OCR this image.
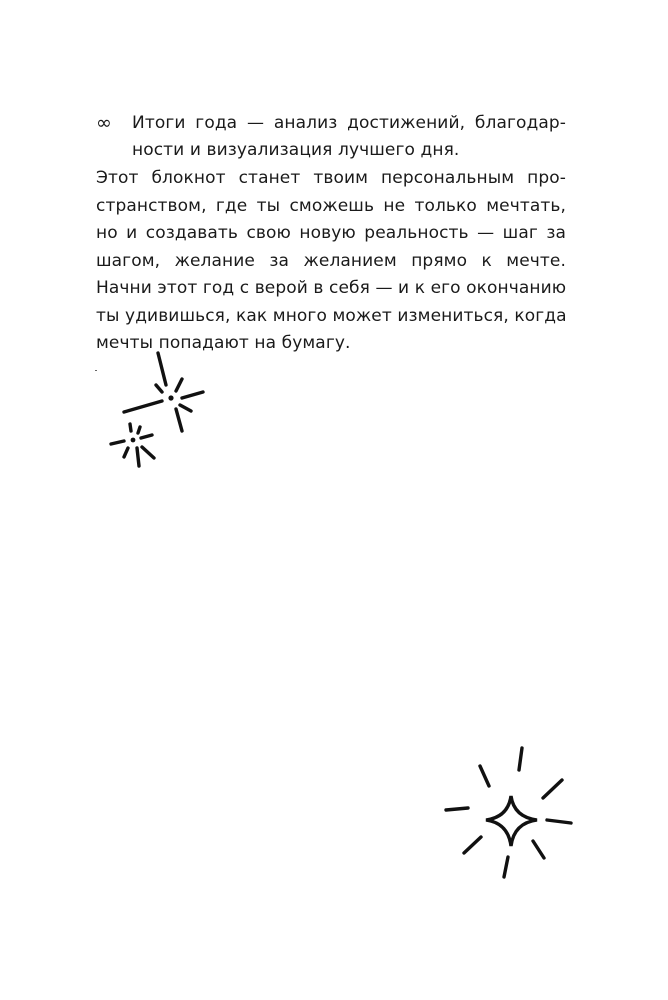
∞	Итоги года — анализ достижений, благодар-
ности и визуализация лучшего дня.
Этот блокнот станет твоим персональным про-
странством, где ты сможешь не только мечтать,
но и создавать свою новую реальность — шаг за
шагом, желание за желанием прямо к мечте.
Начни этот год с верой в себя — и к его окончанию
ты удивишься, как много может измениться, когда
мечты попадают на бумагу.
